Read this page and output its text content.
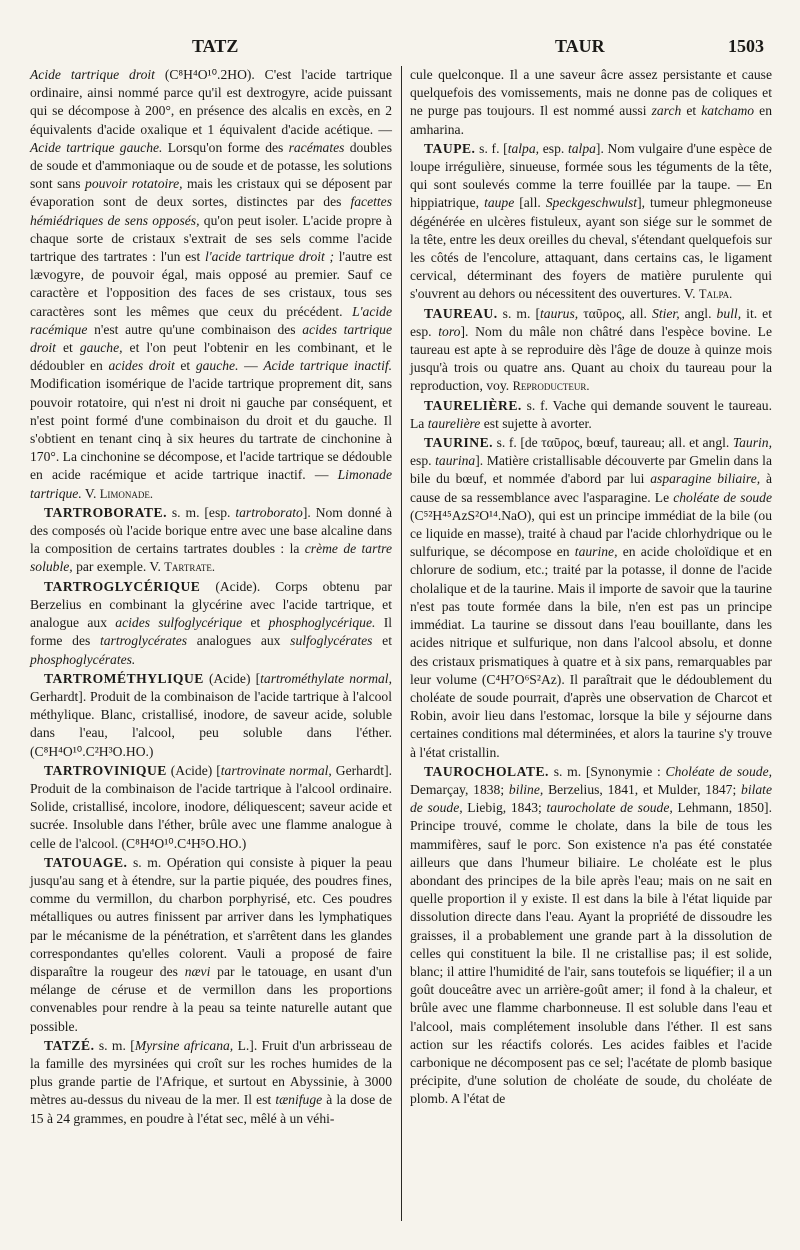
TATZ	TAUR	1503

Acide tartrique droit (C⁸H⁴O¹⁰.2HO). C'est l'acide tartrique ordinaire, ainsi nommé parce qu'il est dextrogyre, acide puissant qui se décompose à 200°, en présence des alcalis en excès, en 2 équivalents d'acide oxalique et 1 équivalent d'acide acétique. — Acide tartrique gauche. Lorsqu'on forme des racémates doubles de soude et d'ammoniaque ou de soude et de potasse, les solutions sont sans pouvoir rotatoire, mais les cristaux qui se déposent par évaporation sont de deux sortes, distinctes par des facettes hémiédriques de sens opposés, qu'on peut isoler. L'acide propre à chaque sorte de cristaux s'extrait de ses sels comme l'acide tartrique des tartrates : l'un est l'acide tartrique droit ; l'autre est lævogyre, de pouvoir égal, mais opposé au premier. Sauf ce caractère et l'opposition des faces de ses cristaux, tous ses caractères sont les mêmes que ceux du précédent. L'acide racémique n'est autre qu'une combinaison des acides tartrique droit et gauche, et l'on peut l'obtenir en les combinant, et le dédoubler en acides droit et gauche. — Acide tartrique inactif. Modification isomérique de l'acide tartrique proprement dit, sans pouvoir rotatoire, qui n'est ni droit ni gauche par conséquent, et n'est point formé d'une combinaison du droit et du gauche. Il s'obtient en tenant cinq à six heures du tartrate de cinchonine à 170°. La cinchonine se décompose, et l'acide tartrique se dédouble en acide racémique et acide tartrique inactif. — Limonade tartrique. V. Limonade.

TARTROBORATE. s. m. [esp. tartroborato]. Nom donné à des composés où l'acide borique entre avec une base alcaline dans la composition de certains tartrates doubles : la crème de tartre soluble, par exemple. V. Tartrate.

TARTROGLYCÉRIQUE (Acide). Corps obtenu par Berzelius en combinant la glycérine avec l'acide tartrique, et analogue aux acides sulfoglycérique et phosphoglycérique. Il forme des tartroglycérates analogues aux sulfoglycérates et phosphoglycérates.

TARTROMÉTHYLIQUE (Acide) [tartrométhylate normal, Gerhardt]. Produit de la combinaison de l'acide tartrique à l'alcool méthylique. Blanc, cristallisé, inodore, de saveur acide, soluble dans l'eau, l'alcool, peu soluble dans l'éther. (C⁸H⁴O¹⁰.C²H³O.HO.)

TARTROVINIQUE (Acide) [tartrovinate normal, Gerhardt]. Produit de la combinaison de l'acide tartrique à l'alcool ordinaire. Solide, cristallisé, incolore, inodore, déliquescent; saveur acide et sucrée. Insoluble dans l'éther, brûle avec une flamme analogue à celle de l'alcool. (C⁸H⁴O¹⁰.C⁴H⁵O.HO.)

TATOUAGE. s. m. Opération qui consiste à piquer la peau jusqu'au sang et à étendre, sur la partie piquée, des poudres fines, comme du vermillon, du charbon porphyrisé, etc. Ces poudres métalliques ou autres finissent par arriver dans les lymphatiques par le mécanisme de la pénétration, et s'arrêtent dans les glandes correspondantes qu'elles colorent. Vauli a proposé de faire disparaître la rougeur des nævi par le tatouage, en usant d'un mélange de céruse et de vermillon dans les proportions convenables pour rendre à la peau sa teinte naturelle autant que possible.

TATZÉ. s. m. [Myrsine africana, L.]. Fruit d'un arbrisseau de la famille des myrsinées qui croît sur les roches humides de la plus grande partie de l'Afrique, et surtout en Abyssinie, à 3000 mètres au-dessus du niveau de la mer. Il est tænifuge à la dose de 15 à 24 grammes, en poudre à l'état sec, mêlé à un véhi-

cule quelconque. Il a une saveur âcre assez persistante et cause quelquefois des vomissements, mais ne donne pas de coliques et ne purge pas toujours. Il est nommé aussi zarch et katchamo en amharina.

TAUPE. s. f. [talpa, esp. talpa]. Nom vulgaire d'une espèce de loupe irrégulière, sinueuse, formée sous les téguments de la tête, qui sont soulevés comme la terre fouillée par la taupe. — En hippiatrique, taupe [all. Speckgeschwulst], tumeur phlegmoneuse dégénérée en ulcères fistuleux, ayant son siége sur le sommet de la tête, entre les deux oreilles du cheval, s'étendant quelquefois sur les côtés de l'encolure, attaquant, dans certains cas, le ligament cervical, déterminant des foyers de matière purulente qui s'ouvrent au dehors ou nécessitent des ouvertures. V. Talpa.

TAUREAU. s. m. [taurus, ταῦρος, all. Stier, angl. bull, it. et esp. toro]. Nom du mâle non châtré dans l'espèce bovine. Le taureau est apte à se reproduire dès l'âge de douze à quinze mois jusqu'à trois ou quatre ans. Quant au choix du taureau pour la reproduction, voy. Reproducteur.

TAURELIÈRE. s. f. Vache qui demande souvent le taureau. La taurelière est sujette à avorter.

TAURINE. s. f. [de ταῦρος, bœuf, taureau; all. et angl. Taurin, esp. taurina]. Matière cristallisable découverte par Gmelin dans la bile du bœuf, et nommée d'abord par lui asparagine biliaire, à cause de sa ressemblance avec l'asparagine. Le choléate de soude (C⁵²H⁴⁵AzS²O¹⁴.NaO), qui est un principe immédiat de la bile (ou ce liquide en masse), traité à chaud par l'acide chlorhydrique ou le sulfurique, se décompose en taurine, en acide choloïdique et en chlorure de sodium, etc.; traité par la potasse, il donne de l'acide cholalique et de la taurine. Mais il importe de savoir que la taurine n'est pas toute formée dans la bile, n'en est pas un principe immédiat. La taurine se dissout dans l'eau bouillante, dans les acides nitrique et sulfurique, non dans l'alcool absolu, et donne des cristaux prismatiques à quatre et à six pans, remarquables par leur volume (C⁴H⁷O⁶S²Az). Il paraîtrait que le dédoublement du choléate de soude pourrait, d'après une observation de Charcot et Robin, avoir lieu dans l'estomac, lorsque la bile y séjourne dans certaines conditions mal déterminées, et alors la taurine s'y trouve à l'état cristallin.

TAUROCHOLATE. s. m. [Synonymie : Choléate de soude, Demarçay, 1838; biline, Berzelius, 1841, et Mulder, 1847; bilate de soude, Liebig, 1843; taurocholate de soude, Lehmann, 1850]. Principe trouvé, comme le cholate, dans la bile de tous les mammifères, sauf le porc. Son existence n'a pas été constatée ailleurs que dans l'humeur biliaire. Le choléate est le plus abondant des principes de la bile après l'eau; mais on ne sait en quelle proportion il y existe. Il est dans la bile à l'état liquide par dissolution directe dans l'eau. Ayant la propriété de dissoudre les graisses, il a probablement une grande part à la dissolution de celles qui constituent la bile. Il ne cristallise pas; il est solide, blanc; il attire l'humidité de l'air, sans toutefois se liquéfier; il a un goût douceâtre avec un arrière-goût amer; il fond à la chaleur, et brûle avec une flamme charbonneuse. Il est soluble dans l'eau et l'alcool, mais complétement insoluble dans l'éther. Il est sans action sur les réactifs colorés. Les acides faibles et l'acide carbonique ne décomposent pas ce sel; l'acétate de plomb basique précipite, d'une solution de choléate de soude, du choléate de plomb. A l'état de
